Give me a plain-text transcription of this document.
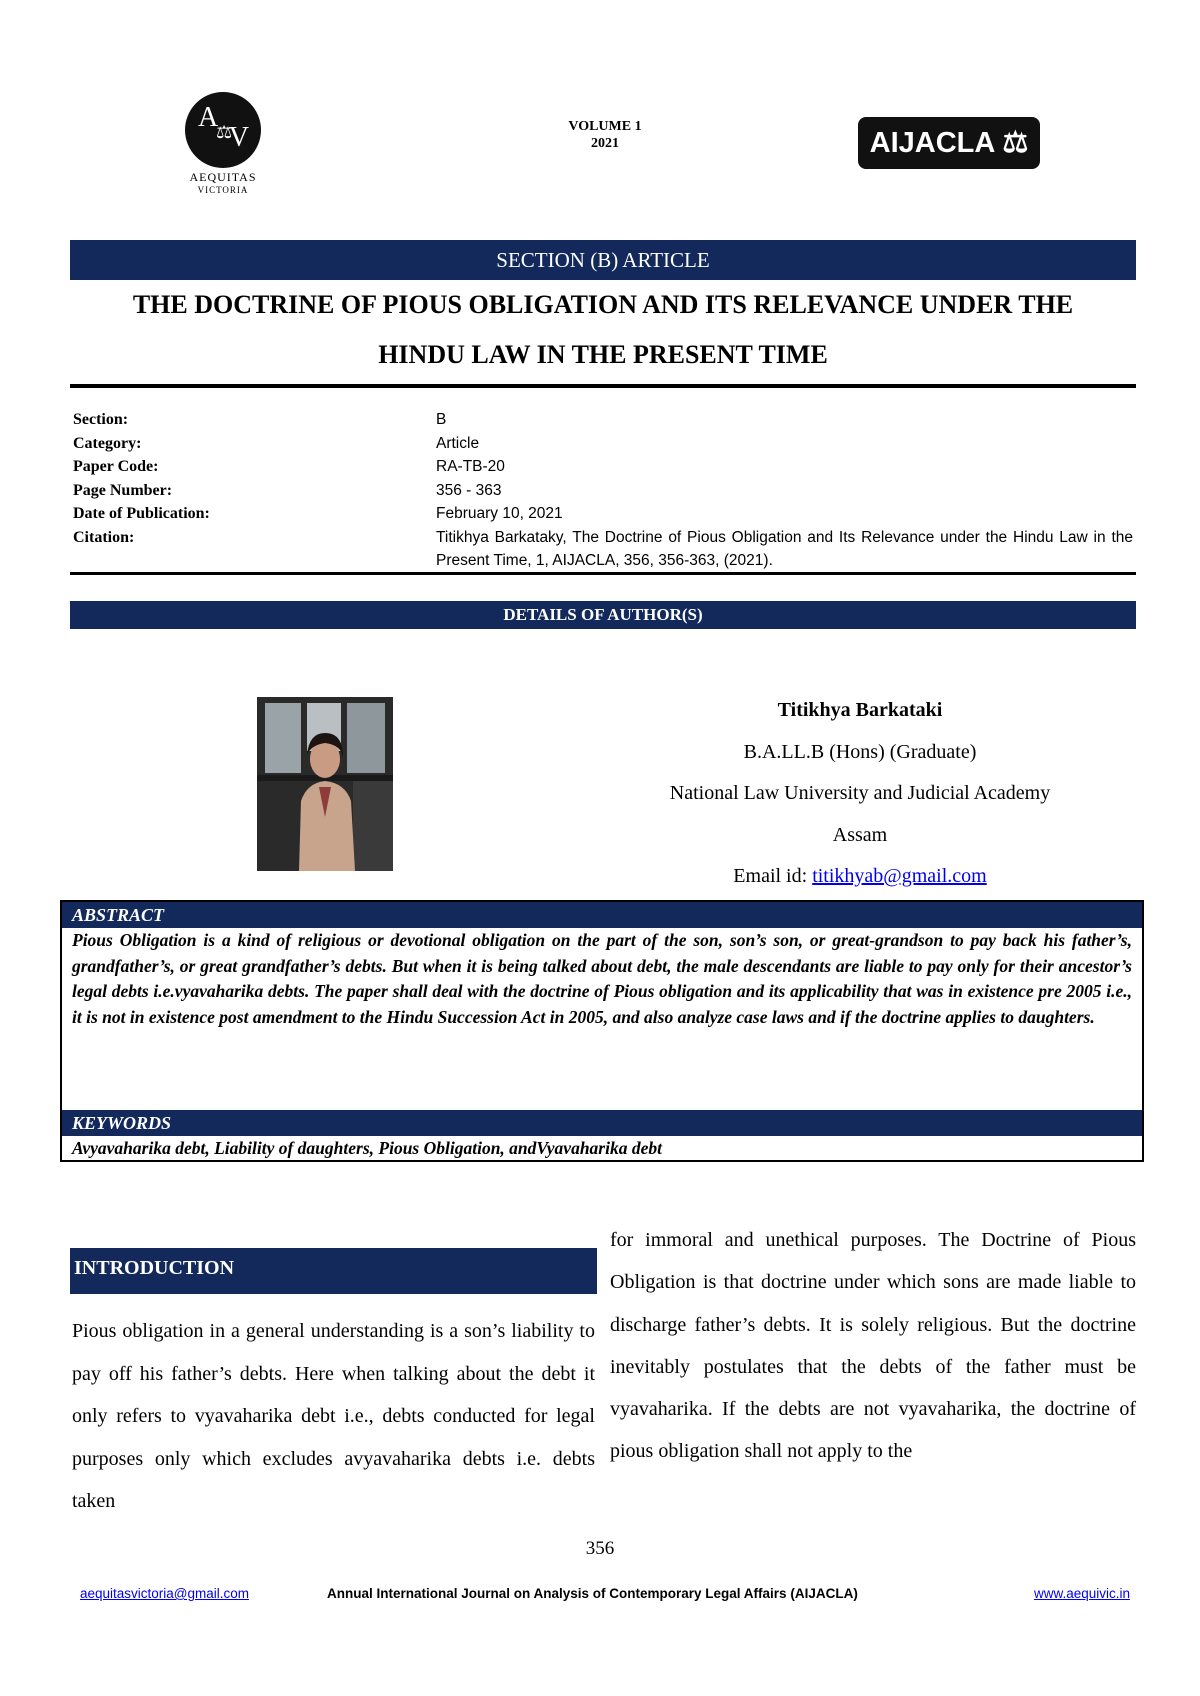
A
⚖
V
AEQUITAS
VICTORIA
VOLUME 1
2021	AIJACLA ⚖
SECTION (B) ARTICLE
THE DOCTRINE OF PIOUS OBLIGATION AND ITS RELEVANCE UNDER THE
HINDU LAW IN THE PRESENT TIME
Section:	B
Category:	Article
Paper Code:	RA-TB-20
Page Number:	356 - 363
Date of Publication:	February 10, 2021
Citation:	Titikhya Barkataky, The Doctrine of Pious Obligation and Its Relevance under the Hindu Law in the Present Time, 1, AIJACLA, 356, 356-363, (2021).
DETAILS OF AUTHOR(S)
Titikhya Barkataki
B.A.LL.B (Hons) (Graduate)
National Law University and Judicial Academy
Assam
Email id: titikhyab@gmail.com
ABSTRACT
Pious Obligation is a kind of religious or devotional obligation on the part of the son, son’s son, or great-grandson to pay back his father’s, grandfather’s, or great grandfather’s debts. But when it is being talked about debt, the male descendants are liable to pay only for their ancestor’s legal debts i.e.vyavaharika debts. The paper shall deal with the doctrine of Pious obligation and its applicability that was in existence pre 2005 i.e., it is not in existence post amendment to the Hindu Succession Act in 2005, and also analyze case laws and if the doctrine applies to daughters.
KEYWORDS
Avyavaharika debt, Liability of daughters, Pious Obligation, andVyavaharika debt
INTRODUCTION
Pious obligation in a general understanding is a son’s liability to pay off his father’s debts. Here when talking about the debt it only refers to vyavaharika debt i.e., debts conducted for legal purposes only which excludes avyavaharika debts i.e. debts taken
for immoral and unethical purposes. The Doctrine of Pious Obligation is that doctrine under which sons are made liable to discharge father’s debts. It is solely religious. But the doctrine inevitably postulates that the debts of the father must be vyavaharika. If the debts are not vyavaharika, the doctrine of pious obligation shall not apply to the
356
aequitasvictoria@gmail.com	Annual International Journal on Analysis of Contemporary Legal Affairs (AIJACLA)	www.aequivic.in
